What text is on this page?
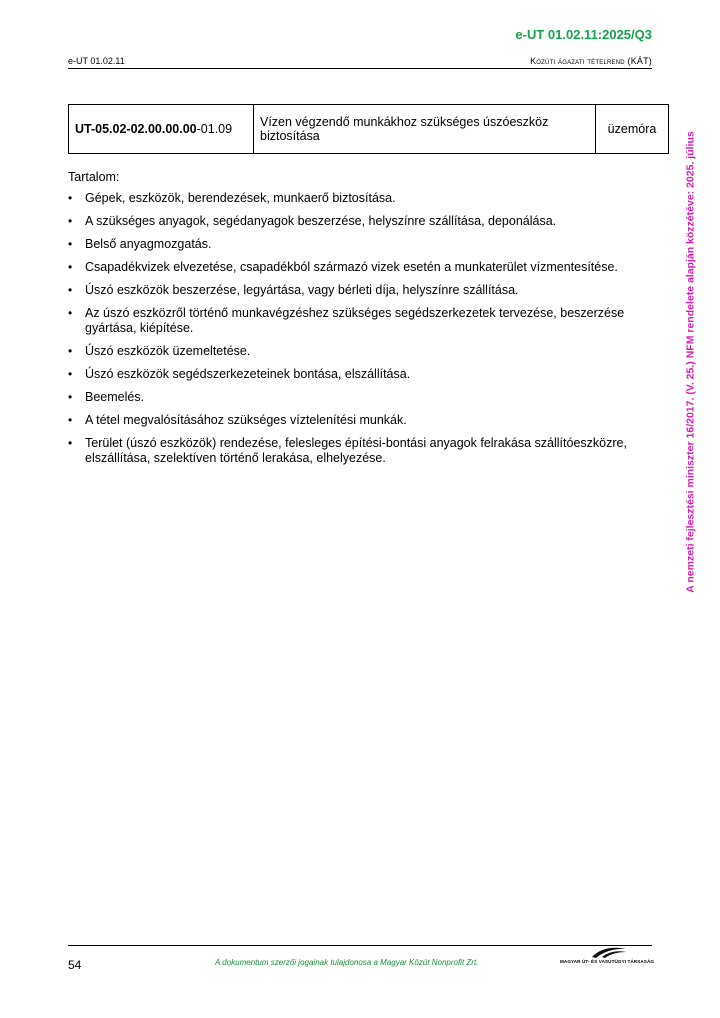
e-UT 01.02.11:2025/Q3
e-UT 01.02.11	Közúti ágazati tételrend (KÁT)
UT-05.02-02.00.00.00-01.09	Vízen végzendő munkákhoz szükséges úszóeszköz biztosítása	üzemóra

Tartalom:

• Gépek, eszközök, berendezések, munkaerő biztosítása.
• A szükséges anyagok, segédanyagok beszerzése, helyszínre szállítása, deponálása.
• Belső anyagmozgatás.
• Csapadékvizek elvezetése, csapadékból származó vizek esetén a munkaterület vízmentesítése.
• Úszó eszközök beszerzése, legyártása, vagy bérleti díja, helyszínre szállítása.
• Az úszó eszközről történő munkavégzéshez szükséges segédszerkezetek tervezése, beszerzése gyártása, kiépítése.
• Úszó eszközök üzemeltetése.
• Úszó eszközök segédszerkezeteinek bontása, elszállítása.
• Beemelés.
• A tétel megvalósításához szükséges víztelenítési munkák.
• Terület (úszó eszközök) rendezése, felesleges építési-bontási anyagok felrakása szállítóeszközre, elszállítása, szelektíven történő lerakása, elhelyezése.	A nemzeti fejlesztési miniszter 16/2017. (V. 25.) NFM rendelete alapján közzétéve: 2025. július
54	A dokumentum szerzői jogainak tulajdonosa a Magyar Közút Nonprofit Zrt.	MAGYAR ÚT- ÉS VASÚTÜGYI TÁRSASÁG
